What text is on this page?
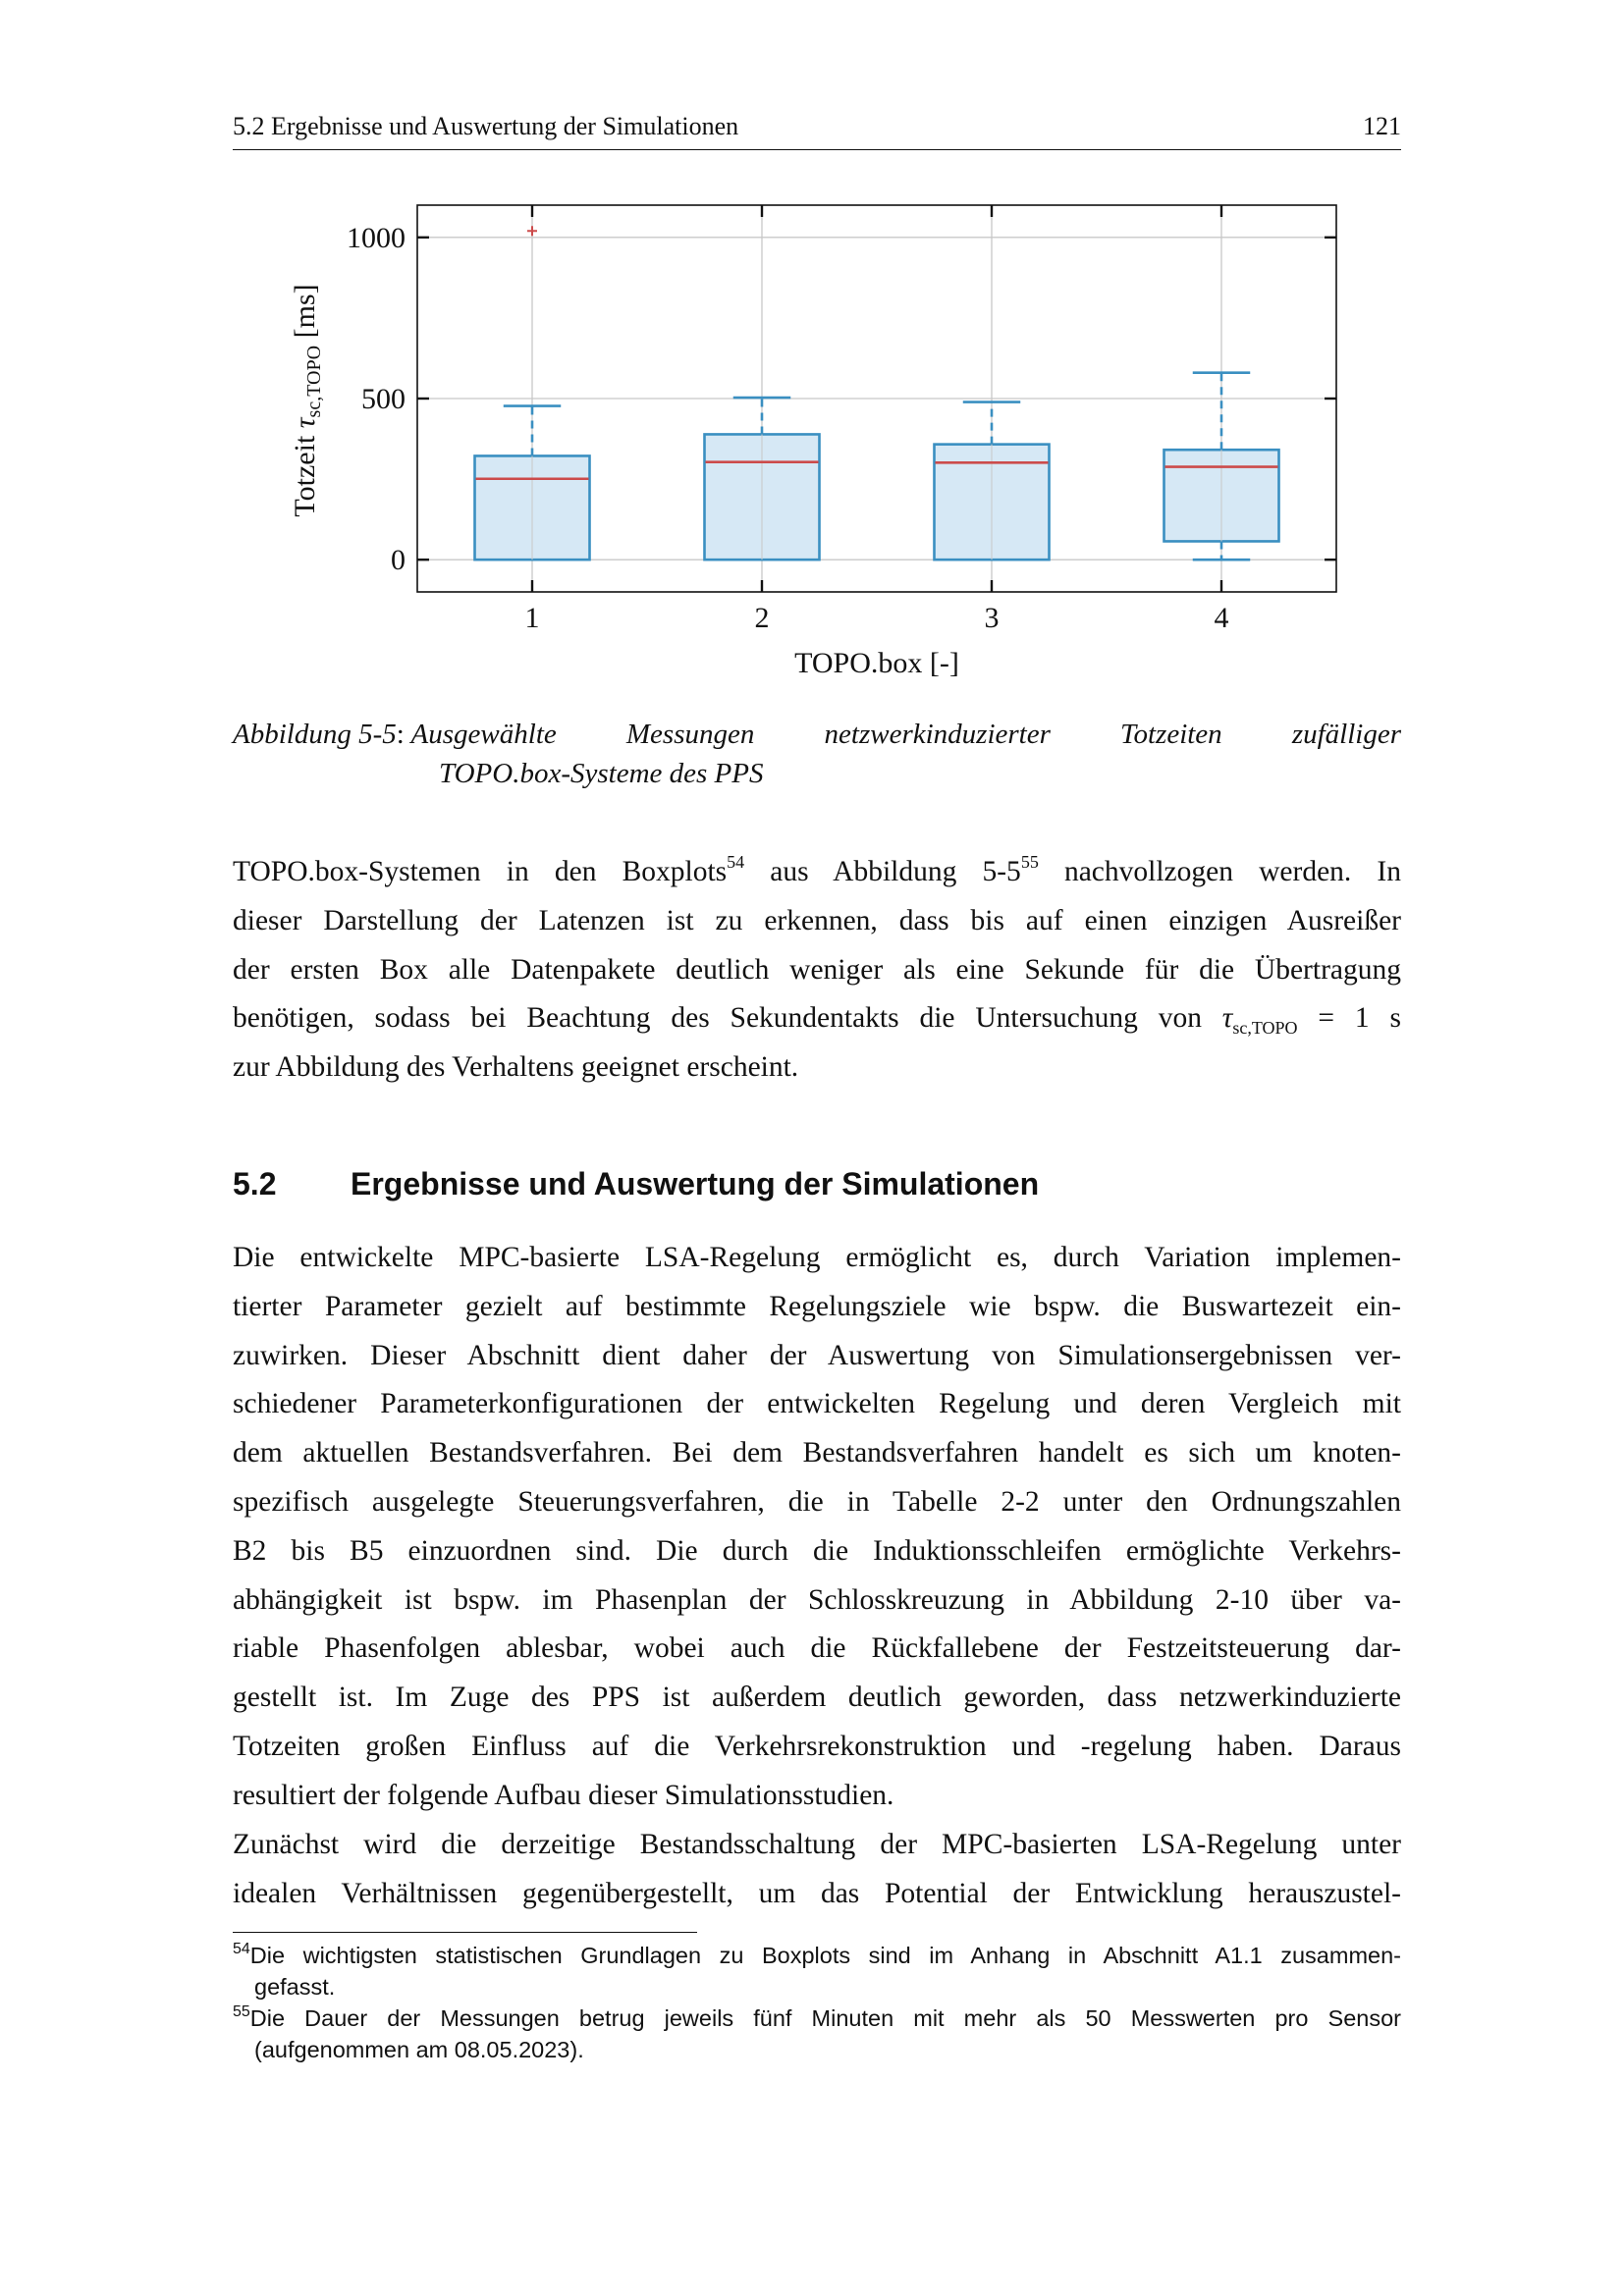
5.2 Ergebnisse und Auswertung der Simulationen	121
0
500
1000
1	2	3	4
TOPO.box [-]
Totzeit $\tau_{sc,TOPO}$ [ms]
Abbildung 5-5: Ausgewählte Messungen netzwerkinduzierter Totzeiten zufälliger
TOPO.box-Systeme des PPS
TOPO.box-Systemen in den Boxplots$^{54}$ aus Abbildung $5-5^{55}$ nachvollzogen werden. In
dieser Darstellung der Latenzen ist zu erkennen, dass bis auf einen einzigen Ausreißer
der ersten Box alle Datenpakete deutlich weniger als eine Sekunde für die Übertragung
benötigen, sodass bei Beachtung des Sekundentakts die Untersuchung von $\tau_{sc,TOPO} = 1$ s
zur Abbildung des Verhaltens geeignet erscheint.
5.2 Ergebnisse und Auswertung der Simulationen
Die entwickelte MPC-basierte LSA-Regelung ermöglicht es, durch Variation implemen-
tierter Parameter gezielt auf bestimmte Regelungsziele wie bspw. die Buswartezeit ein-
zuwirken. Dieser Abschnitt dient daher der Auswertung von Simulationsergebnissen ver-
schiedener Parameterkonfigurationen der entwickelten Regelung und deren Vergleich mit
dem aktuellen Bestandsverfahren. Bei dem Bestandsverfahren handelt es sich um knoten-
spezifisch ausgelegte Steuerungsverfahren, die in Tabelle 2-2 unter den Ordnungszahlen
B2 bis B5 einzuordnen sind. Die durch die Induktionsschleifen ermöglichte Verkehrs-
abhängigkeit ist bspw. im Phasenplan der Schlosskreuzung in Abbildung 2-10 über va-
riable Phasenfolgen ablesbar, wobei auch die Rückfallebene der Festzeitsteuerung dar-
gestellt ist. Im Zuge des PPS ist außerdem deutlich geworden, dass netzwerkinduzierte
Totzeiten großen Einfluss auf die Verkehrsrekonstruktion und -regelung haben. Daraus
resultiert der folgende Aufbau dieser Simulationsstudien.
Zunächst wird die derzeitige Bestandsschaltung der MPC-basierten LSA-Regelung unter
idealen Verhältnissen gegenübergestellt, um das Potential der Entwicklung herauszustel-
$^{54}$Die wichtigsten statistischen Grundlagen zu Boxplots sind im Anhang in Abschnitt A1.1 zusammen-
gefasst.
$^{55}$Die Dauer der Messungen betrug jeweils fünf Minuten mit mehr als 50 Messwerten pro Sensor
(aufgenommen am 08.05.2023).
